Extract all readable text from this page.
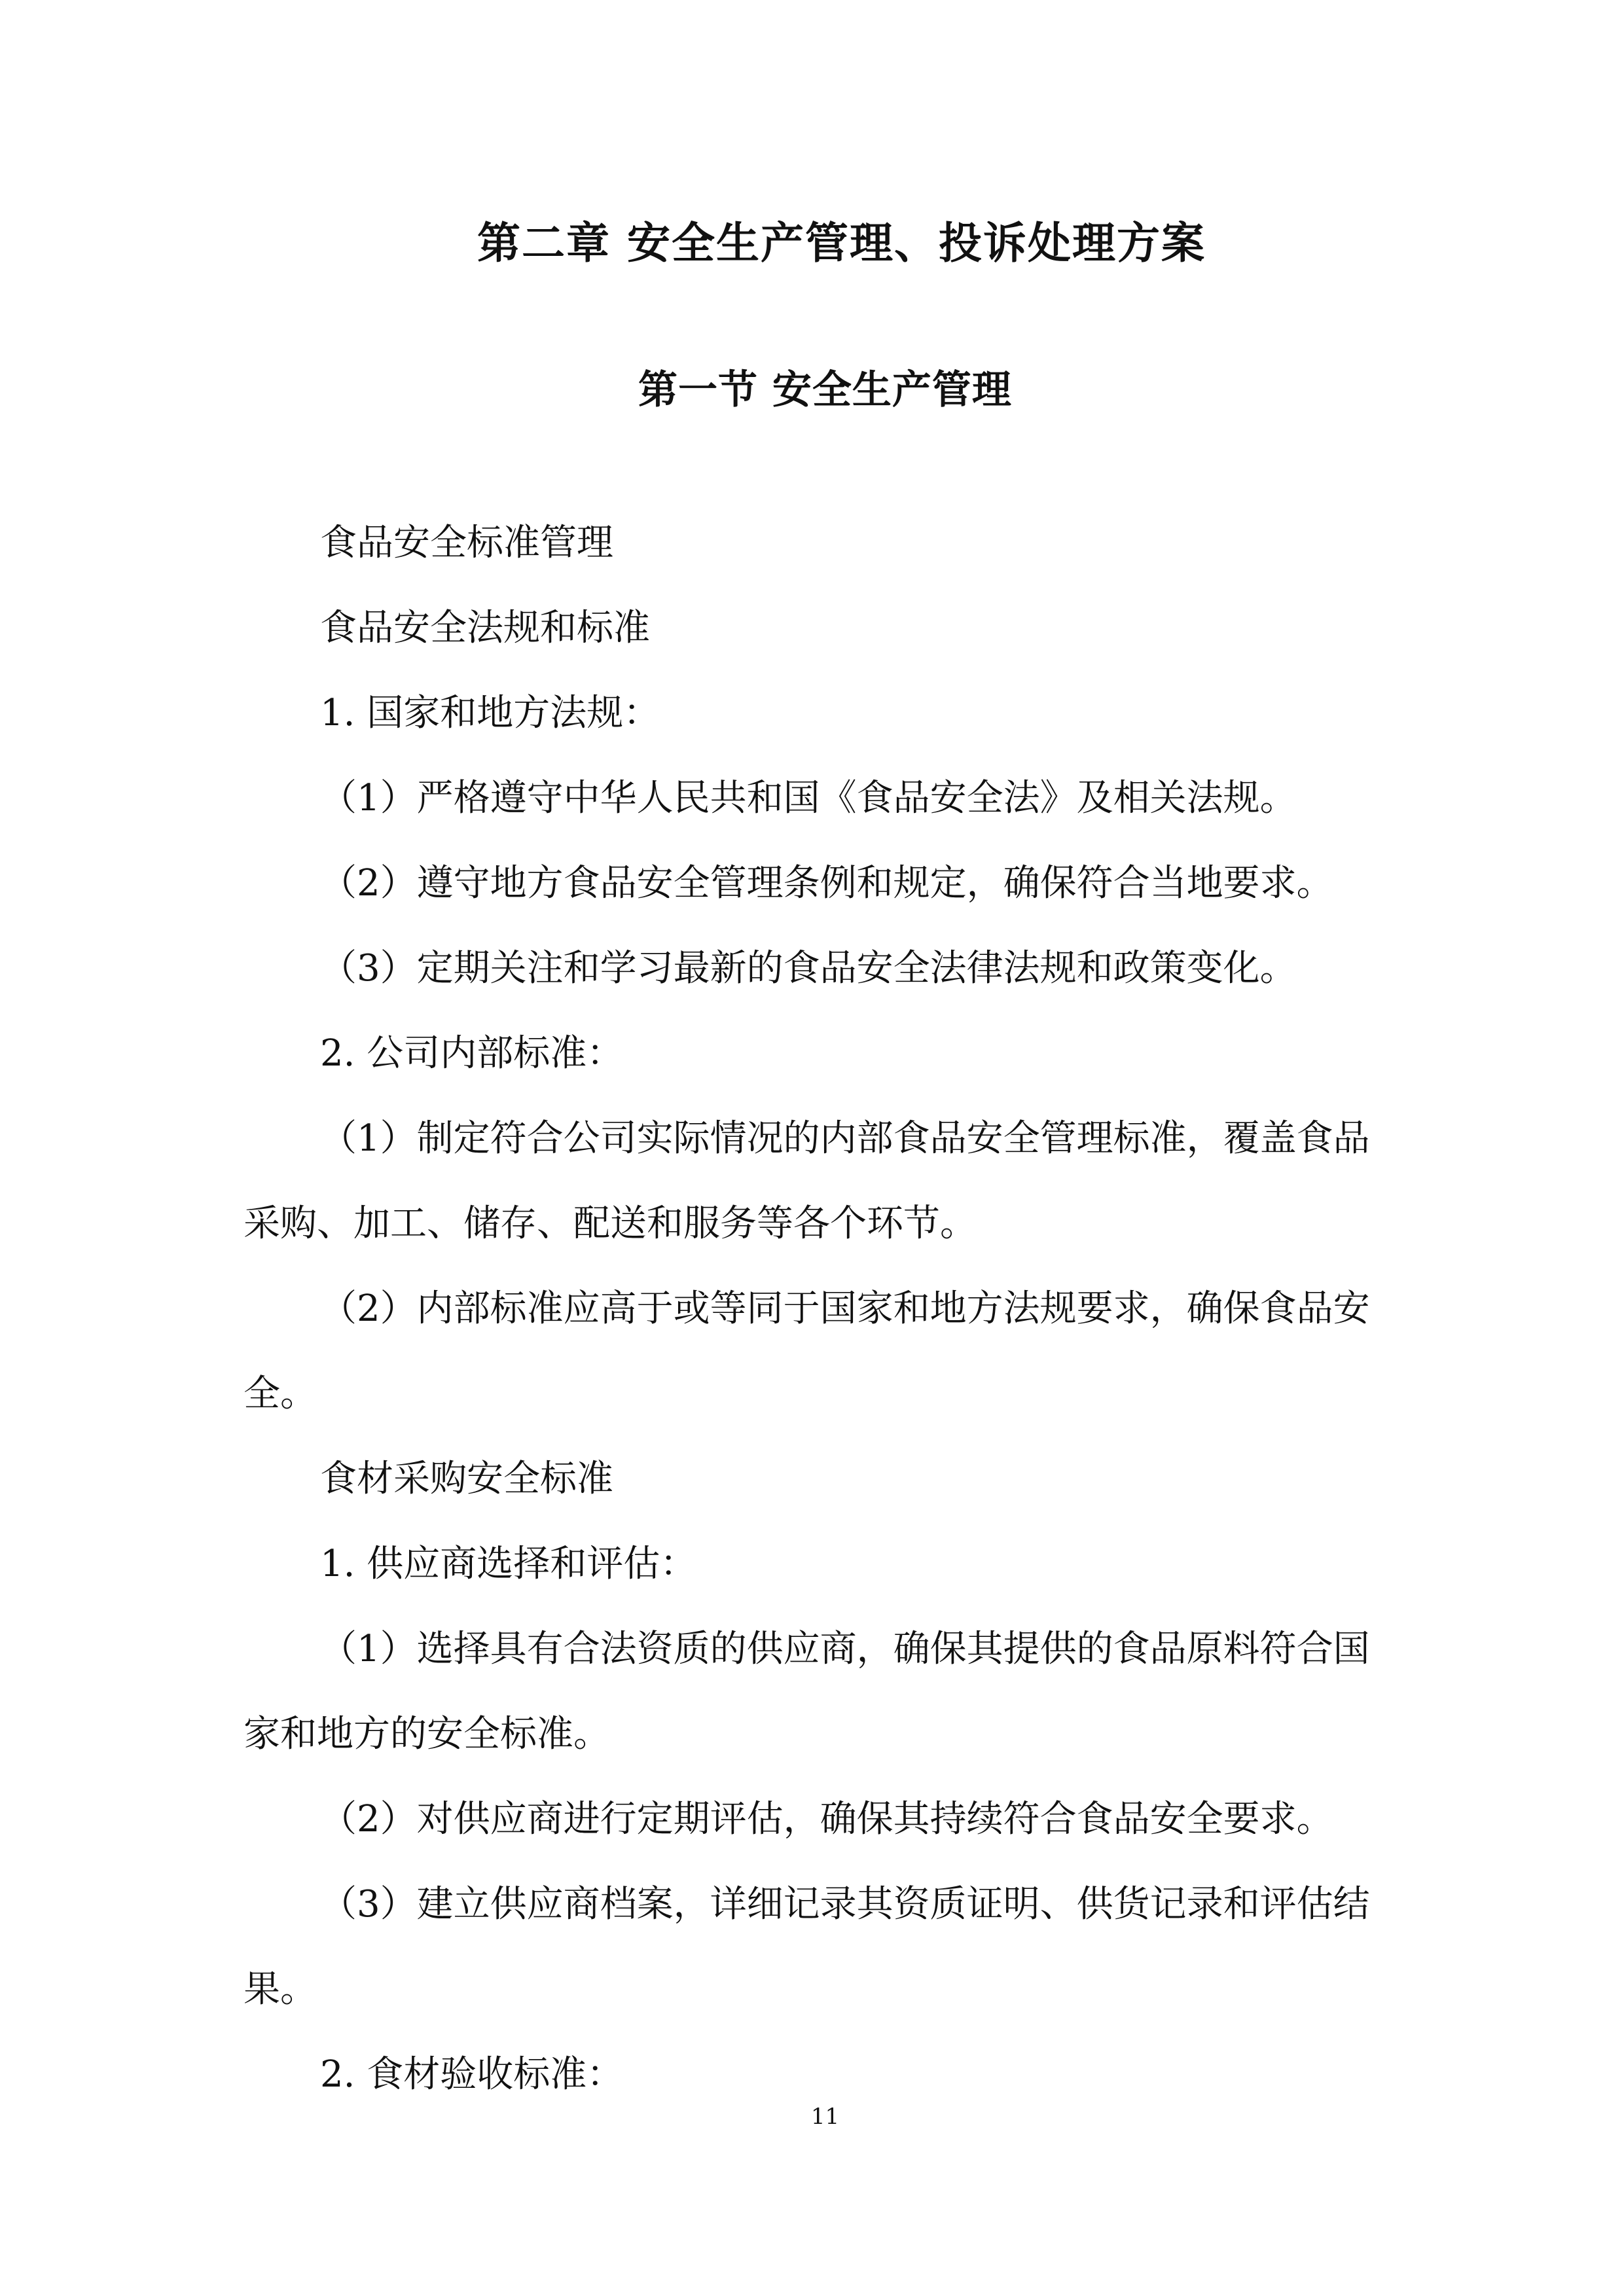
第二章 安全生产管理、投诉处理方案
第一节 安全生产管理

食品安全标准管理

食品安全法规和标准

1. 国家和地方法规：

（1）严格遵守中华人民共和国《食品安全法》及相关法规。

（2）遵守地方食品安全管理条例和规定，确保符合当地要求。

（3）定期关注和学习最新的食品安全法律法规和政策变化。

2. 公司内部标准：

（1）制定符合公司实际情况的内部食品安全管理标准，覆盖食品采购、加工、储存、配送和服务等各个环节。

（2）内部标准应高于或等同于国家和地方法规要求，确保食品安全。

食材采购安全标准

1. 供应商选择和评估：

（1）选择具有合法资质的供应商，确保其提供的食品原料符合国家和地方的安全标准。

（2）对供应商进行定期评估，确保其持续符合食品安全要求。

（3）建立供应商档案，详细记录其资质证明、供货记录和评估结果。

2. 食材验收标准：

11
